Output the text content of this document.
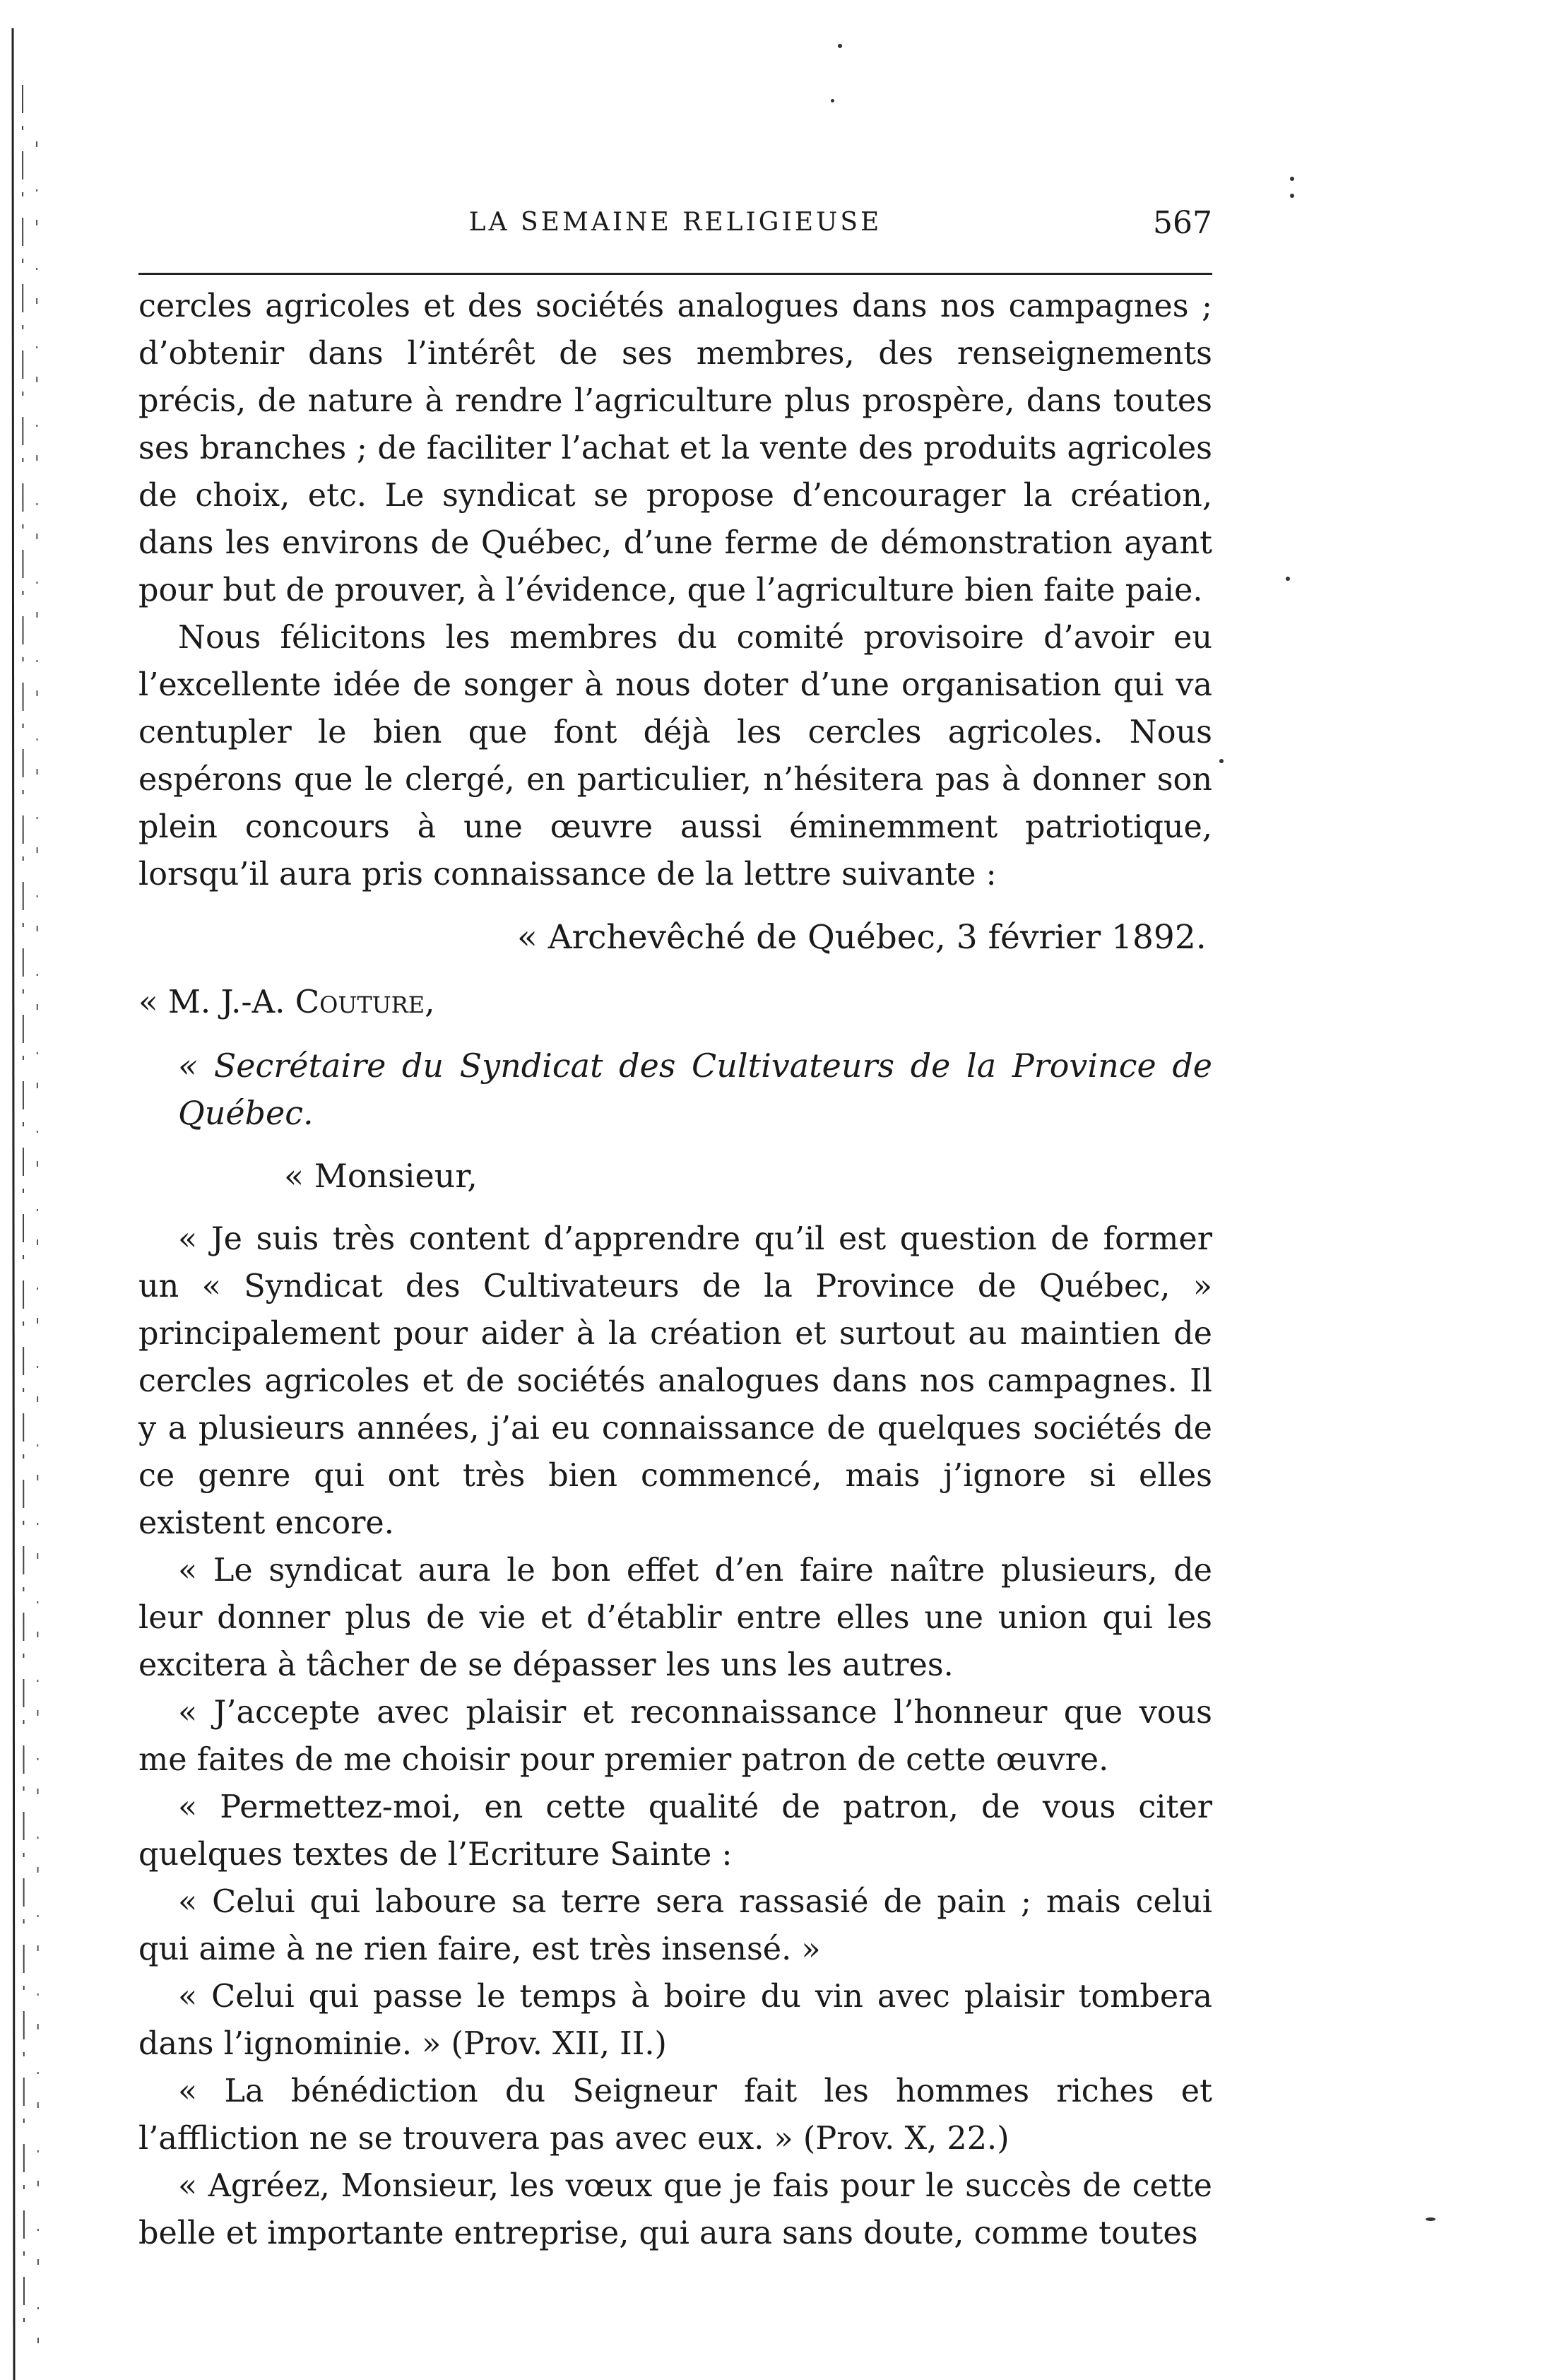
LA SEMAINE RELIGIEUSE	567

cercles agricoles et des sociétés analogues dans nos campagnes ; d’obtenir dans l’intérêt de ses membres, des renseignements précis, de nature à rendre l’agriculture plus prospère, dans toutes ses branches ; de faciliter l’achat et la vente des produits agricoles de choix, etc. Le syndicat se propose d’encourager la création, dans les environs de Québec, d’une ferme de démonstration ayant pour but de prouver, à l’évidence, que l’agriculture bien faite paie.

Nous félicitons les membres du comité provisoire d’avoir eu l’excellente idée de songer à nous doter d’une organisation qui va centupler le bien que font déjà les cercles agricoles. Nous espérons que le clergé, en particulier, n’hésitera pas à donner son plein concours à une œuvre aussi éminemment patriotique, lorsqu’il aura pris connaissance de la lettre suivante :

« Archevêché de Québec, 3 février 1892.

« M. J.-A. Couture,

« Secrétaire du Syndicat des Cultivateurs de la Province de Québec.

« Monsieur,

« Je suis très content d’apprendre qu’il est question de former un « Syndicat des Cultivateurs de la Province de Québec, » principalement pour aider à la création et surtout au maintien de cercles agricoles et de sociétés analogues dans nos campagnes. Il y a plusieurs années, j’ai eu connaissance de quelques sociétés de ce genre qui ont très bien commencé, mais j’ignore si elles existent encore.

« Le syndicat aura le bon effet d’en faire naître plusieurs, de leur donner plus de vie et d’établir entre elles une union qui les excitera à tâcher de se dépasser les uns les autres.

« J’accepte avec plaisir et reconnaissance l’honneur que vous me faites de me choisir pour premier patron de cette œuvre.

« Permettez-moi, en cette qualité de patron, de vous citer quelques textes de l’Ecriture Sainte :

« Celui qui laboure sa terre sera rassasié de pain ; mais celui qui aime à ne rien faire, est très insensé. »

« Celui qui passe le temps à boire du vin avec plaisir tombera dans l’ignominie. » (Prov. XII, II.)

« La bénédiction du Seigneur fait les hommes riches et l’affliction ne se trouvera pas avec eux. » (Prov. X, 22.)

« Agréez, Monsieur, les vœux que je fais pour le succès de cette belle et importante entreprise, qui aura sans doute, comme toutes
